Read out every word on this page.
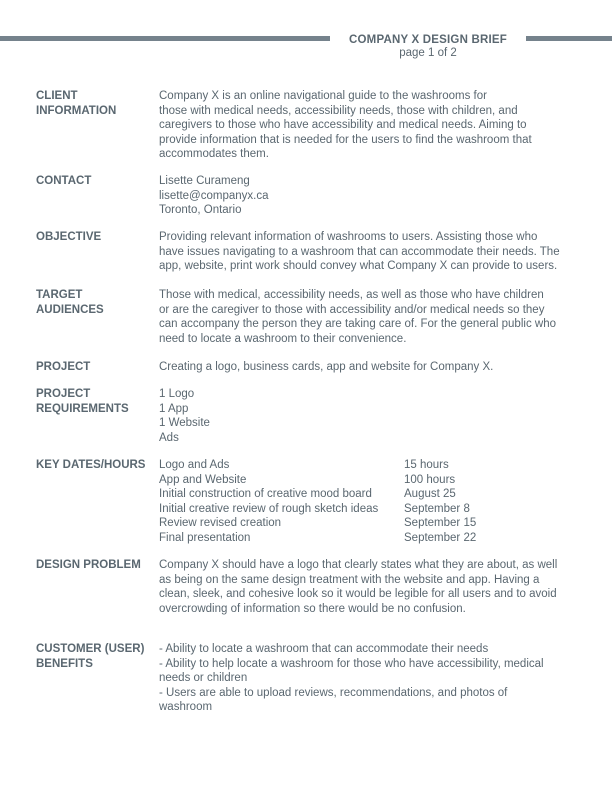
COMPANY X DESIGN BRIEF
page 1 of 2
CLIENT
INFORMATION
Company X is an online navigational guide to the washrooms for
those with medical needs, accessibility needs, those with children, and
caregivers to those who have accessibility and medical needs. Aiming to
provide information that is needed for the users to find the washroom that
accommodates them.
CONTACT	Lisette Curameng
lisette@companyx.ca
Toronto, Ontario
OBJECTIVE	Providing relevant information of washrooms to users. Assisting those who
have issues navigating to a washroom that can accommodate their needs. The
app, website, print work should convey what Company X can provide to users.
TARGET
AUDIENCES
Those with medical, accessibility needs, as well as those who have children
or are the caregiver to those with accessibility and/or medical needs so they
can accompany the person they are taking care of. For the general public who
need to locate a washroom to their convenience.
PROJECT	Creating a logo, business cards, app and website for Company X.
PROJECT
REQUIREMENTS
1 Logo
1 App
1 Website
Ads
KEY DATES/HOURS	Logo and Ads	15 hours
App and Website	100 hours
Initial construction of creative mood board	August 25
Initial creative review of rough sketch ideas	September 8
Review revised creation	September 15
Final presentation	September 22
DESIGN PROBLEM	Company X should have a logo that clearly states what they are about, as well
as being on the same design treatment with the website and app. Having a
clean, sleek, and cohesive look so it would be legible for all users and to avoid
overcrowding of information so there would be no confusion.
CUSTOMER (USER)
BENEFITS
- Ability to locate a washroom that can accommodate their needs
- Ability to help locate a washroom for those who have accessibility, medical
needs or children
- Users are able to upload reviews, recommendations, and photos of
washroom
